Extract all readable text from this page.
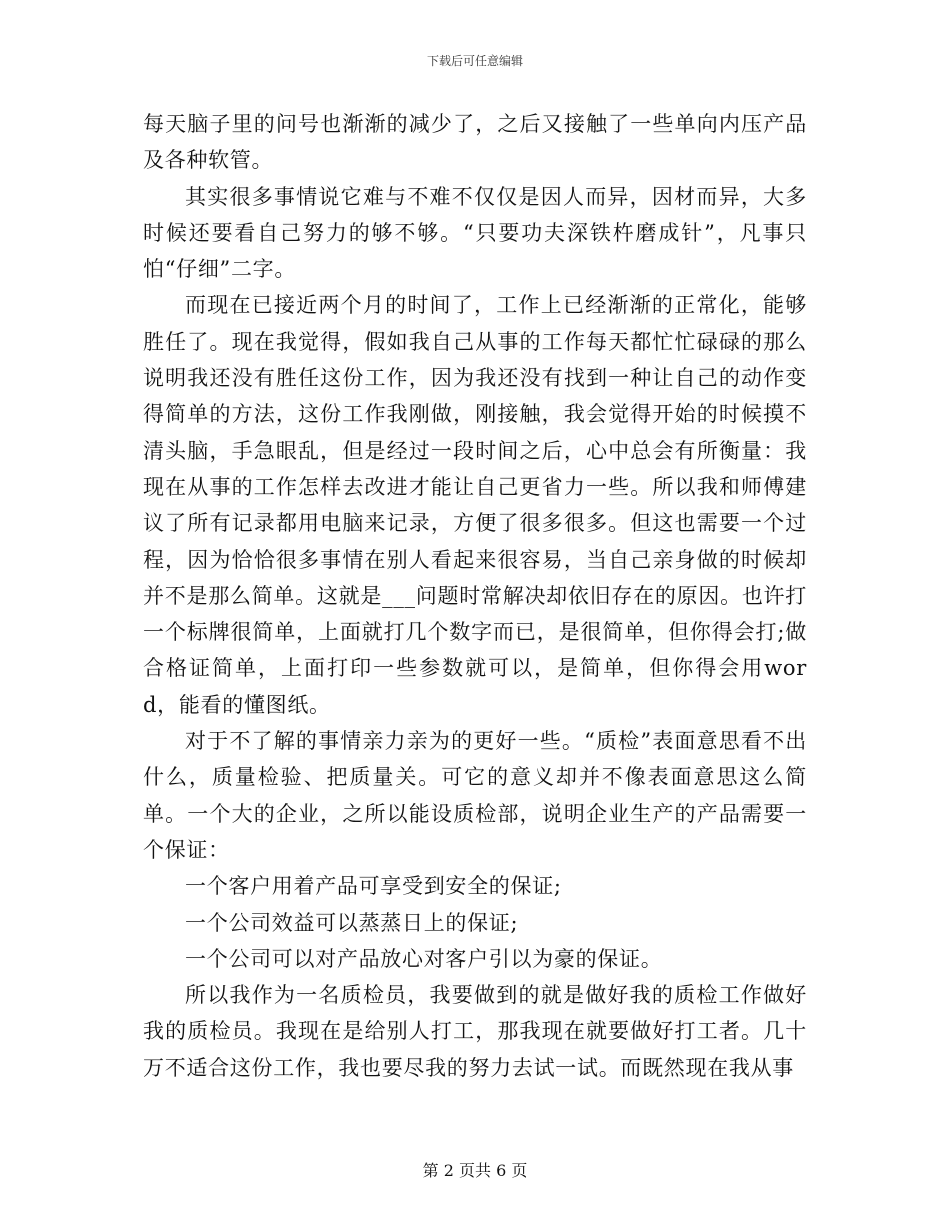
下载后可任意编辑

每天脑子里的问号也渐渐的减少了，之后又接触了一些单向内压产品及各种软管。

其实很多事情说它难与不难不仅仅是因人而异，因材而异，大多时候还要看自己努力的够不够。“只要功夫深铁杵磨成针”，凡事只怕“仔细”二字。

而现在已接近两个月的时间了，工作上已经渐渐的正常化，能够胜任了。现在我觉得，假如我自己从事的工作每天都忙忙碌碌的那么说明我还没有胜任这份工作，因为我还没有找到一种让自己的动作变得简单的方法，这份工作我刚做，刚接触，我会觉得开始的时候摸不清头脑，手急眼乱，但是经过一段时间之后，心中总会有所衡量：我现在从事的工作怎样去改进才能让自己更省力一些。所以我和师傅建议了所有记录都用电脑来记录，方便了很多很多。但这也需要一个过程，因为恰恰很多事情在别人看起来很容易，当自己亲身做的时候却并不是那么简单。这就是___问题时常解决却依旧存在的原因。也许打一个标牌很简单，上面就打几个数字而已，是很简单，但你得会打;做合格证简单，上面打印一些参数就可以，是简单，但你得会用word，能看的懂图纸。

对于不了解的事情亲力亲为的更好一些。“质检”表面意思看不出什么，质量检验、把质量关。可它的意义却并不像表面意思这么简单。一个大的企业，之所以能设质检部，说明企业生产的产品需要一个保证：

一个客户用着产品可享受到安全的保证;

一个公司效益可以蒸蒸日上的保证;

一个公司可以对产品放心对客户引以为豪的保证。

所以我作为一名质检员，我要做到的就是做好我的质检工作做好我的质检员。我现在是给别人打工，那我现在就要做好打工者。几十万不适合这份工作，我也要尽我的努力去试一试。而既然现在我从事

第 2 页共 6 页
